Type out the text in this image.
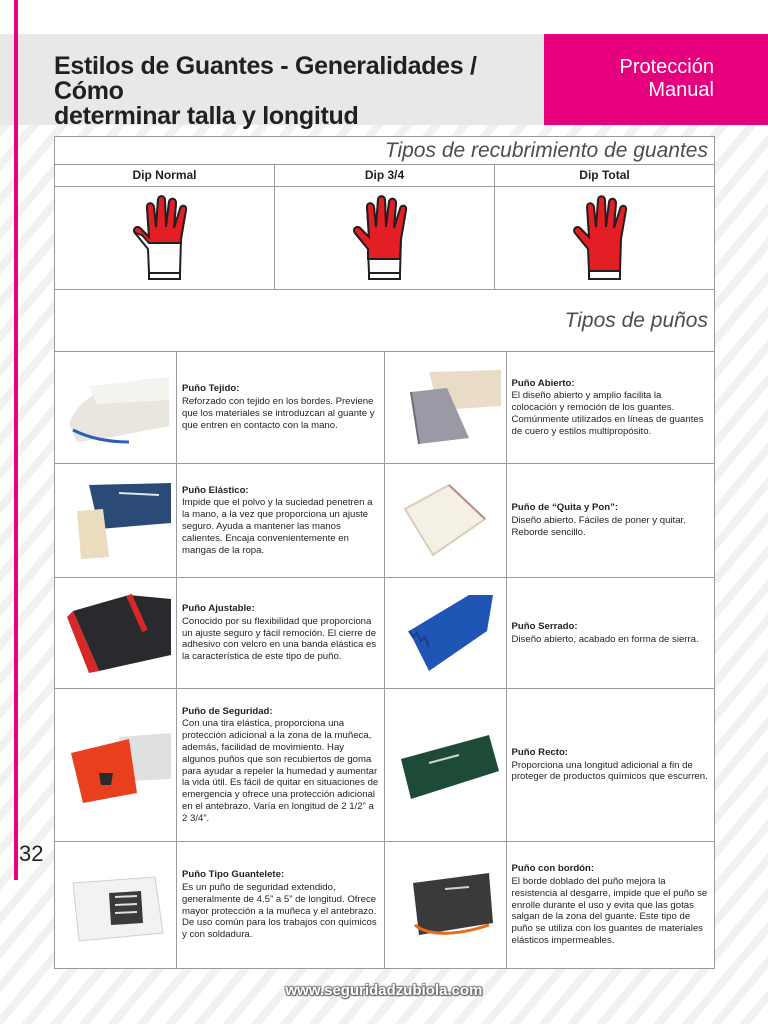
Estilos de Guantes - Generalidades / Cómo
determinar talla y longitud
Protección
Manual
Tipos de recubrimiento de guantes
Dip Normal	Dip 3/4	Dip Total
Tipos de puños
Puño Tejido:
Reforzado con tejido en los bordes. Previene que los materiales se introduzcan al guante y que entren en contacto con la mano.
Puño Abierto:
El diseño abierto y amplio facilita la colocación y remoción de los guantes. Comúnmente utilizados en líneas de guantes de cuero y estilos multipropósito.
Puño Elástico:
Impide que el polvo y la suciedad penetren a la mano, a la vez que proporciona un ajuste seguro. Ayuda a mantener las manos calientes. Encaja convenientemente en mangas de la ropa.
Puño de “Quita y Pon”:
Diseño abierto. Fáciles de poner y quitar. Reborde sencillo.
Puño Ajustable:
Conocido por su flexibilidad que proporciona un ajuste seguro y fácil remoción. El cierre de adhesivo con velcro en una banda elástica es la característica de este tipo de puño.
Puño Serrado:
Diseño abierto, acabado en forma de sierra.
Puño de Seguridad:
Con una tira elástica, proporciona una protección adicional a la zona de la muñeca, además, facilidad de movimiento. Hay algunos puños que son recubiertos de goma para ayudar a repeler la humedad y aumentar la vida útil. Es fácil de quitar en situaciones de emergencia y ofrece una protección adicional en el antebrazo. Varía en longitud de 2 1/2” a 2 3/4”.
Puño Recto:
Proporciona una longitud adicional a fin de proteger de productos químicos que escurren.
Puño Tipo Guantelete:
Es un puño de seguridad extendido, generalmente de 4.5” a 5” de longitud. Ofrece mayor protección a la muñeca y el antebrazo. De uso común para los trabajos con químicos y con soldadura.
Puño con bordón:
El borde doblado del puño mejora la resistencia al desgarre, impide que el puño se enrolle durante el uso y evita que las gotas salgan de la zona del guante. Este tipo de puño se utiliza con los guantes de materiales elásticos impermeables.
32
www.seguridadzubiola.com
